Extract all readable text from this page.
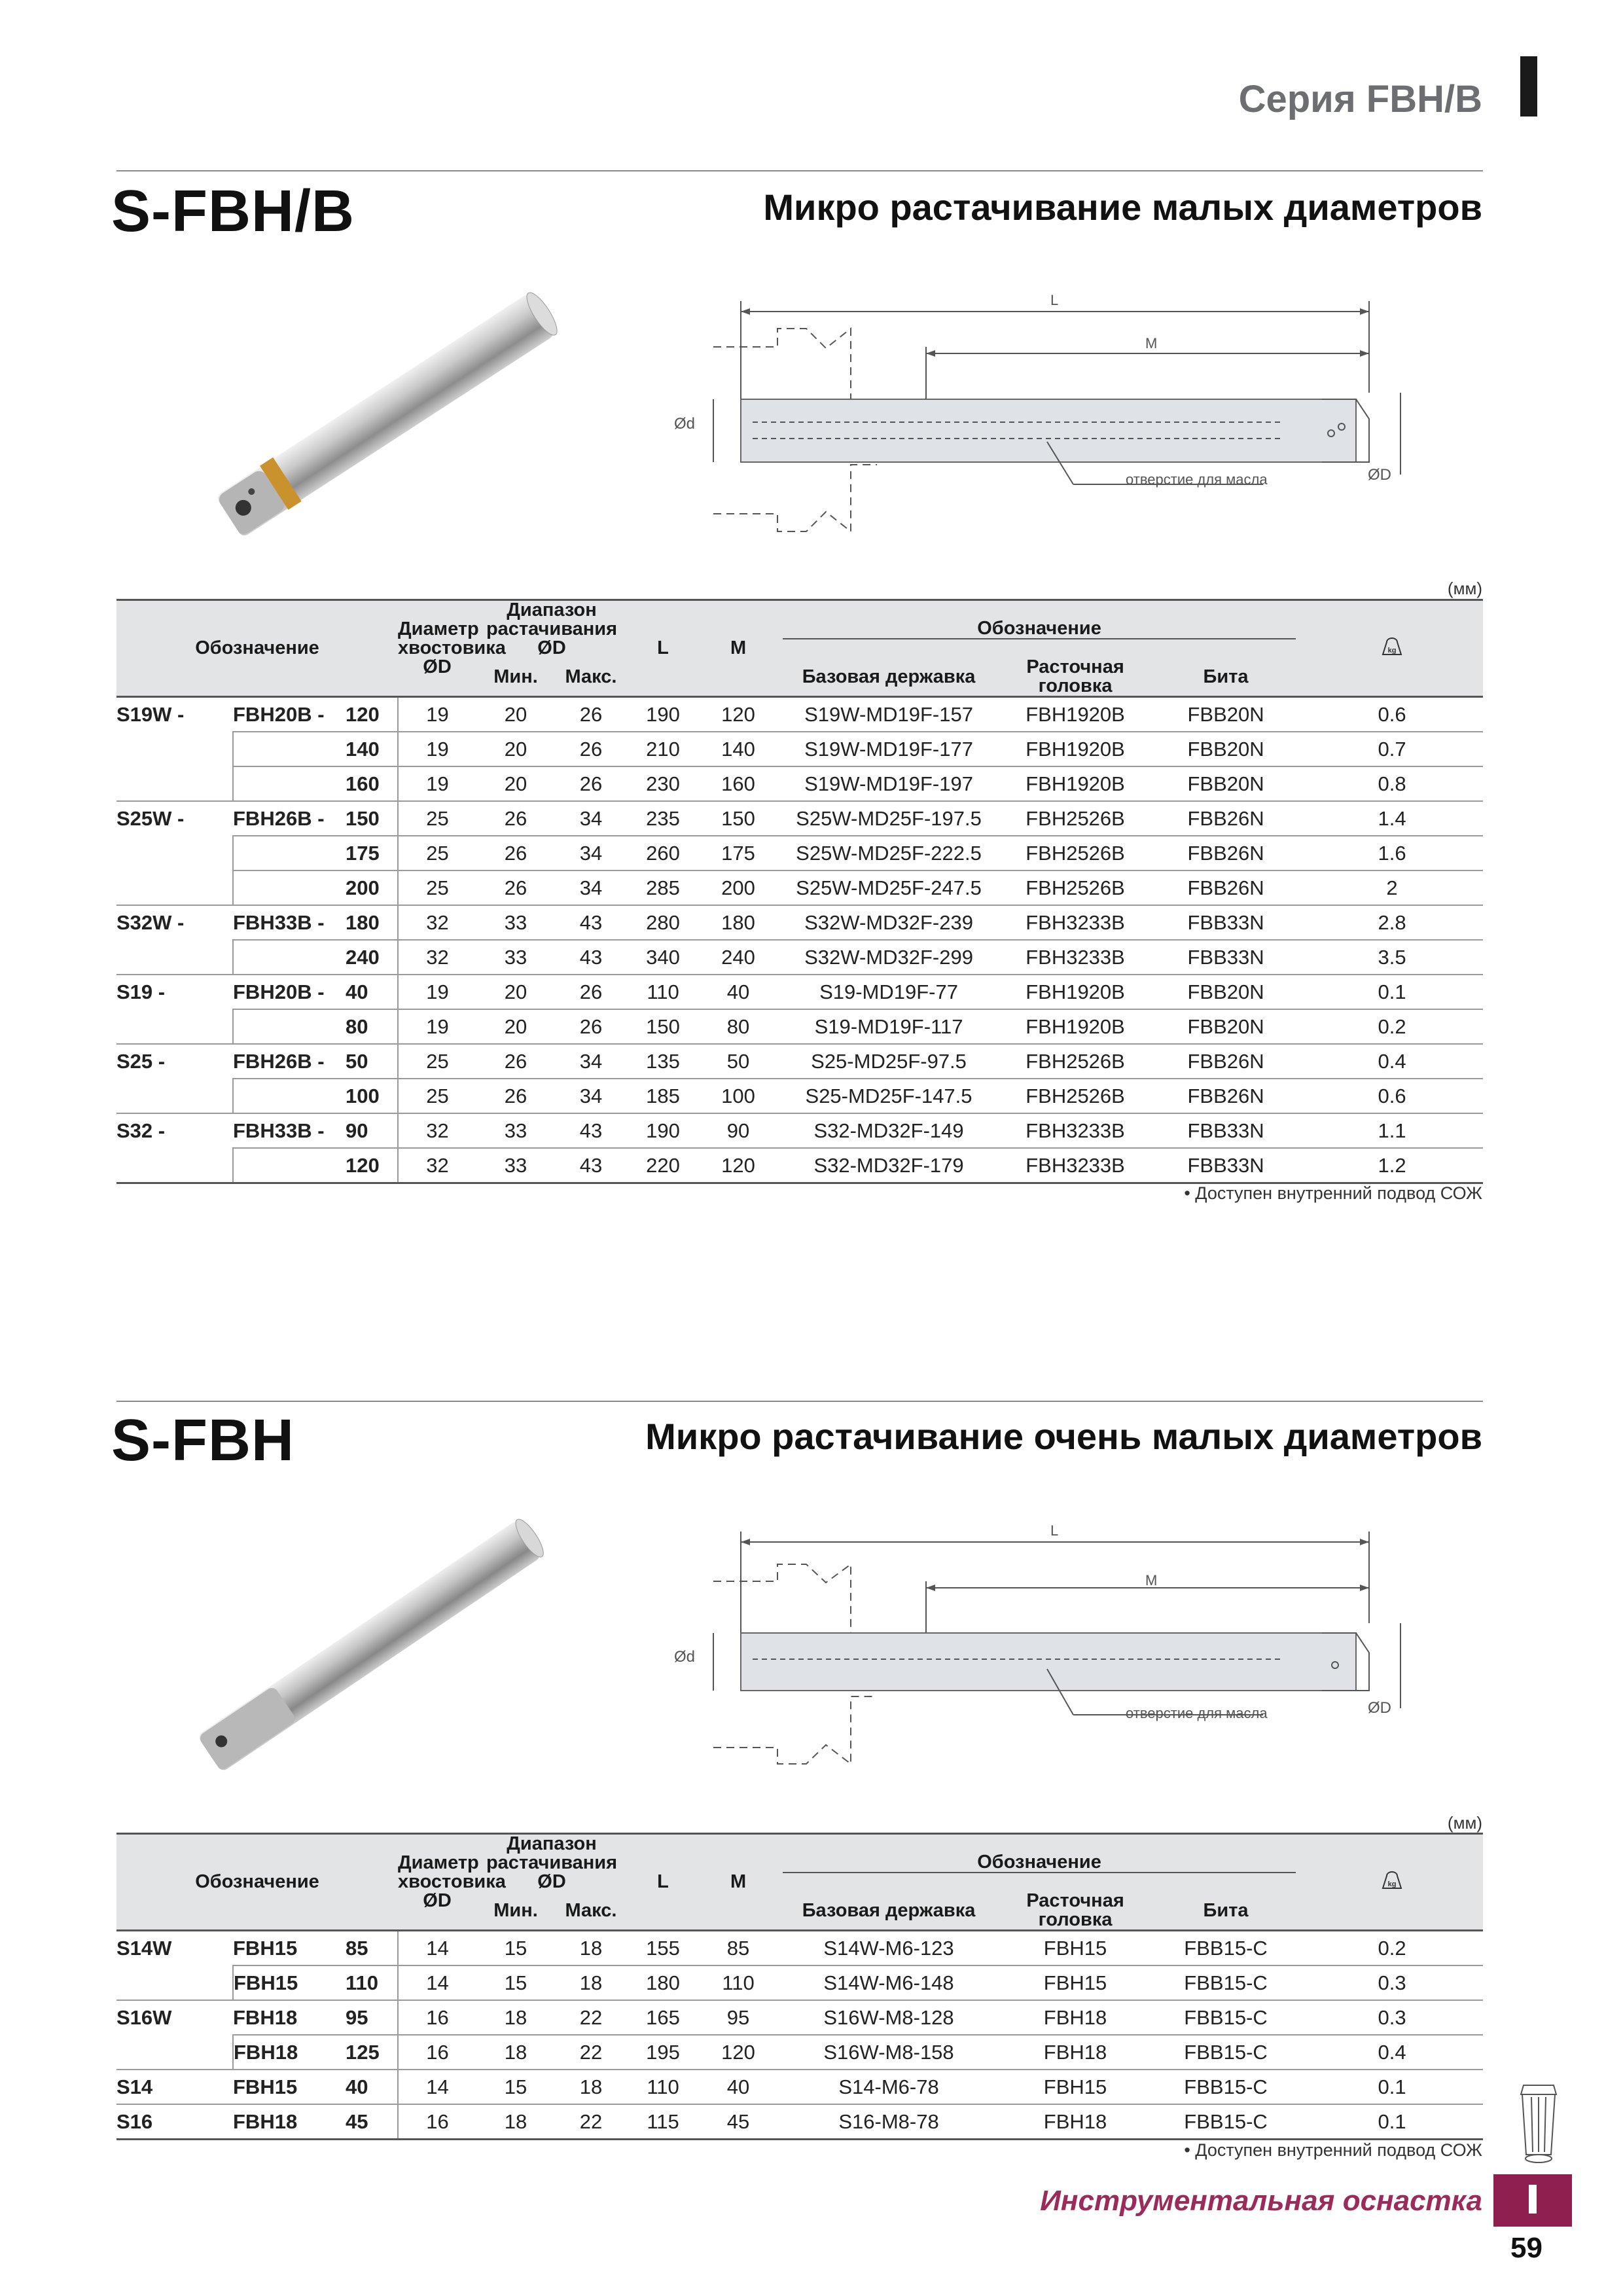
Серия FBH/B
S-FBH/B	Микро растачивание малых диаметров
L
M
Ød
ØD
отверстие для масла
(мм)
Обозначение			Диаметр
хвостовика
ØD	Диапазон
растачивания ØD		L	M	Обозначение			kg

				Мин.	Макс.			Базовая державка	Расточная
головка	Бита	
S19W -	FBH20B -	120	19	20	26	190	120	S19W-MD19F-157	FBH1920B	FBB20N	0.6
		140	19	20	26	210	140	S19W-MD19F-177	FBH1920B	FBB20N	0.7
		160	19	20	26	230	160	S19W-MD19F-197	FBH1920B	FBB20N	0.8
S25W -	FBH26B -	150	25	26	34	235	150	S25W-MD25F-197.5	FBH2526B	FBB26N	1.4
		175	25	26	34	260	175	S25W-MD25F-222.5	FBH2526B	FBB26N	1.6
		200	25	26	34	285	200	S25W-MD25F-247.5	FBH2526B	FBB26N	2
S32W -	FBH33B -	180	32	33	43	280	180	S32W-MD32F-239	FBH3233B	FBB33N	2.8
		240	32	33	43	340	240	S32W-MD32F-299	FBH3233B	FBB33N	3.5
S19 -	FBH20B -	40	19	20	26	110	40	S19-MD19F-77	FBH1920B	FBB20N	0.1
		80	19	20	26	150	80	S19-MD19F-117	FBH1920B	FBB20N	0.2
S25 -	FBH26B -	50	25	26	34	135	50	S25-MD25F-97.5	FBH2526B	FBB26N	0.4
		100	25	26	34	185	100	S25-MD25F-147.5	FBH2526B	FBB26N	0.6
S32 -	FBH33B -	90	32	33	43	190	90	S32-MD32F-149	FBH3233B	FBB33N	1.1
		120	32	33	43	220	120	S32-MD32F-179	FBH3233B	FBB33N	1.2
• Доступен внутренний подвод СОЖ
S-FBH	Микро растачивание очень малых диаметров
L
M
Ød
ØD
отверстие для масла
(мм)
Обозначение			Диаметр
хвостовика
ØD	Диапазон
растачивания ØD		L	M	Обозначение			kg

				Мин.	Макс.			Базовая державка	Расточная
головка	Бита	
S14W	FBH15	85	14	15	18	155	85	S14W-M6-123	FBH15	FBB15-C	0.2
	FBH15	110	14	15	18	180	110	S14W-M6-148	FBH15	FBB15-C	0.3
S16W	FBH18	95	16	18	22	165	95	S16W-M8-128	FBH18	FBB15-C	0.3
	FBH18	125	16	18	22	195	120	S16W-M8-158	FBH18	FBB15-C	0.4
S14	FBH15	40	14	15	18	110	40	S14-M6-78	FBH15	FBB15-C	0.1
S16	FBH18	45	16	18	22	115	45	S16-M8-78	FBH18	FBB15-C	0.1
• Доступен внутренний подвод СОЖ
Инструментальная оснастка
59
